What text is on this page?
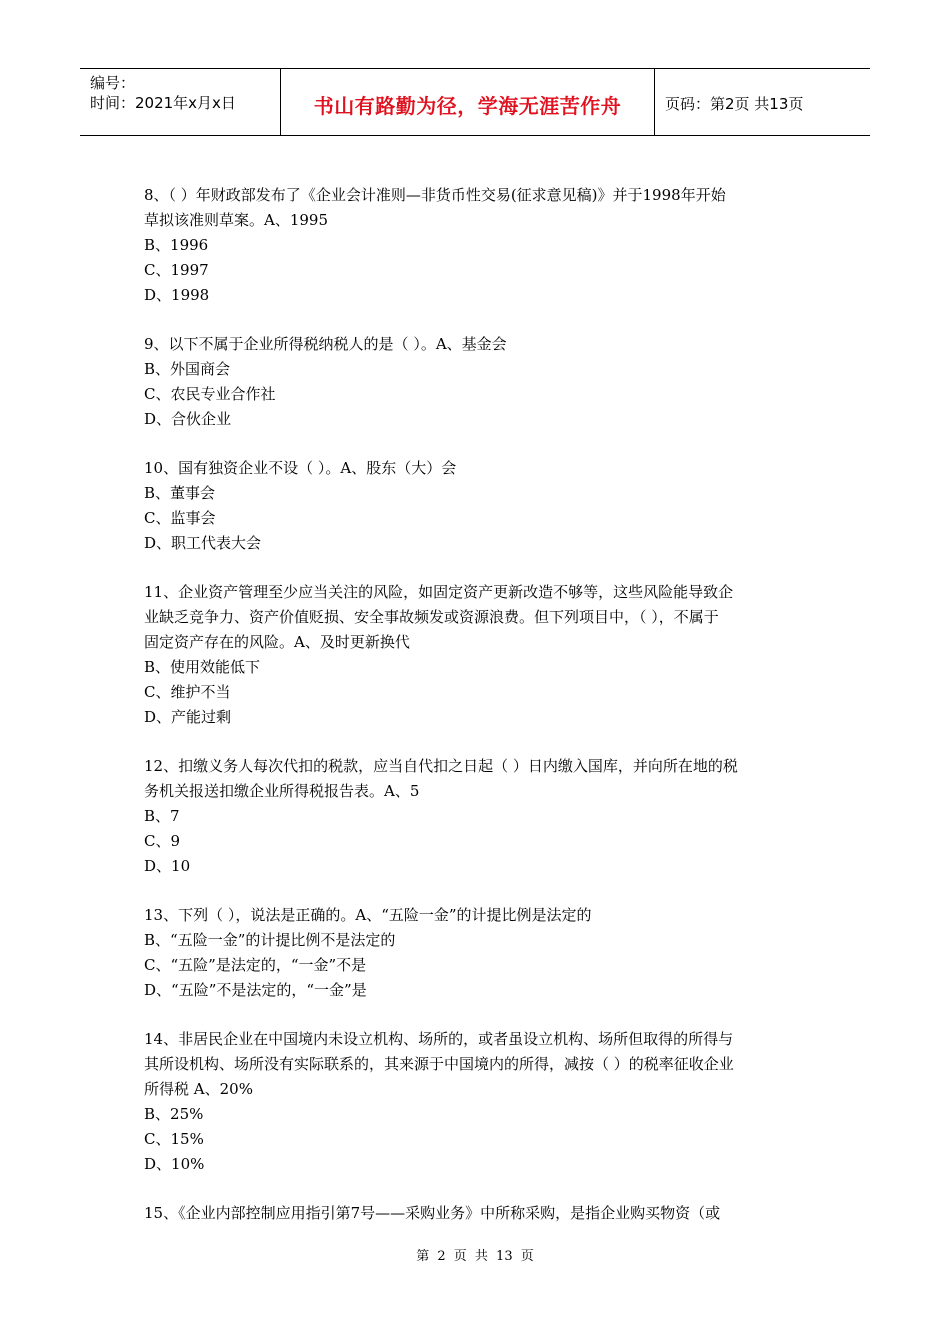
编号：
时间：2021年x月x日	书山有路勤为径，学海无涯苦作舟	页码：第2页 共13页

8、（ ）年财政部发布了《企业会计准则—非货币性交易(征求意见稿)》并于1998年开始

草拟该准则草案。A、1995

B、1996

C、1997

D、1998

9、以下不属于企业所得税纳税人的是（ ）。A、基金会

B、外国商会

C、农民专业合作社

D、合伙企业

10、国有独资企业不设（ ）。A、股东（大）会

B、董事会

C、监事会

D、职工代表大会

11、企业资产管理至少应当关注的风险，如固定资产更新改造不够等，这些风险能导致企

业缺乏竞争力、资产价值贬损、安全事故频发或资源浪费。但下列项目中，（ ），不属于

固定资产存在的风险。A、及时更新换代

B、使用效能低下

C、维护不当

D、产能过剩

12、扣缴义务人每次代扣的税款，应当自代扣之日起（ ）日内缴入国库，并向所在地的税

务机关报送扣缴企业所得税报告表。A、5

B、7

C、9

D、10

13、下列（ ），说法是正确的。A、“五险一金”的计提比例是法定的

B、“五险一金”的计提比例不是法定的

C、“五险”是法定的，“一金”不是

D、“五险”不是法定的，“一金”是

14、非居民企业在中国境内未设立机构、场所的，或者虽设立机构、场所但取得的所得与

其所设机构、场所没有实际联系的，其来源于中国境内的所得，减按（ ）的税率征收企业

所得税 A、20%

B、25%

C、15%

D、10%

15、《企业内部控制应用指引第7号——采购业务》中所称采购，是指企业购买物资（或

第 2 页 共 13 页
